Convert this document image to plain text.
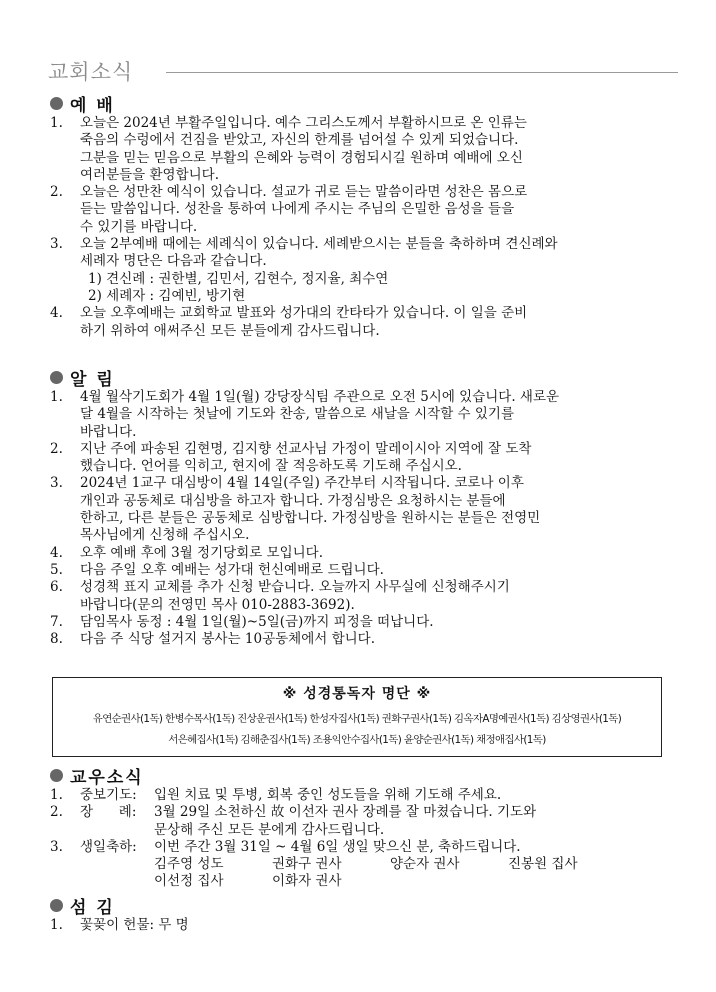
교회소식
예 배
1. 오늘은 2024년 부활주일입니다. 예수 그리스도께서 부활하시므로 온 인류는
죽음의 수렁에서 건짐을 받았고, 자신의 한계를 넘어설 수 있게 되었습니다.
그분을 믿는 믿음으로 부활의 은혜와 능력이 경험되시길 원하며 예배에 오신
여러분들을 환영합니다.
2. 오늘은 성만찬 예식이 있습니다. 설교가 귀로 듣는 말씀이라면 성찬은 몸으로
듣는 말씀입니다. 성찬을 통하여 나에게 주시는 주님의 은밀한 음성을 들을
수 있기를 바랍니다.
3. 오늘 2부예배 때에는 세례식이 있습니다. 세례받으시는 분들을 축하하며 견신례와
세례자 명단은 다음과 같습니다.
1) 견신례 : 권한별, 김민서, 김현수, 정지율, 최수연
2) 세례자 : 김예빈, 방기현
4. 오늘 오후예배는 교회학교 발표와 성가대의 칸타타가 있습니다. 이 일을 준비
하기 위하여 애써주신 모든 분들에게 감사드립니다.
알 림
1. 4월 월삭기도회가 4월 1일(월) 강당장식팀 주관으로 오전 5시에 있습니다. 새로운
달 4월을 시작하는 첫날에 기도와 찬송, 말씀으로 새날을 시작할 수 있기를
바랍니다.
2. 지난 주에 파송된 김현명, 김지향 선교사님 가정이 말레이시아 지역에 잘 도착
했습니다. 언어를 익히고, 현지에 잘 적응하도록 기도해 주십시오.
3. 2024년 1교구 대심방이 4월 14일(주일) 주간부터 시작됩니다. 코로나 이후
개인과 공동체로 대심방을 하고자 합니다. 가정심방은 요청하시는 분들에
한하고, 다른 분들은 공동체로 심방합니다. 가정심방을 원하시는 분들은 전영민
목사님에게 신청해 주십시오.
4. 오후 예배 후에 3월 정기당회로 모입니다.
5. 다음 주일 오후 예배는 성가대 헌신예배로 드립니다.
6. 성경책 표지 교체를 추가 신청 받습니다. 오늘까지 사무실에 신청해주시기
바랍니다(문의 전영민 목사 010-2883-3692).
7. 담임목사 동정 : 4월 1일(월)~5일(금)까지 피정을 떠납니다.
8. 다음 주 식당 설거지 봉사는 10공동체에서 합니다.
※ 성경통독자 명단 ※
유연순권사(1독) 한병수목사(1독) 진상운권사(1독) 한성자집사(1독) 권화구권사(1독) 김옥자A명예권사(1독) 김상영권사(1독)
서은혜집사(1독) 김해춘집사(1독) 조용익안수집사(1독) 윤양순권사(1독) 채정애집사(1독)
교우소식
1. 중보기도:	입원 치료 및 투병, 회복 중인 성도들을 위해 기도해 주세요.
2. 장      례:	3월 29일 소천하신 故 이선자 권사 장례를 잘 마쳤습니다. 기도와
문상해 주신 모든 분에게 감사드립니다.
3. 생일축하:	이번 주간 3월 31일 ~ 4월 6일 생일 맞으신 분, 축하드립니다.
김주영 성도	권화구 권사	양순자 권사	진봉원 집사
이선정 집사	이화자 권사
섬 김
1. 꽃꽂이 헌물: 무 명
